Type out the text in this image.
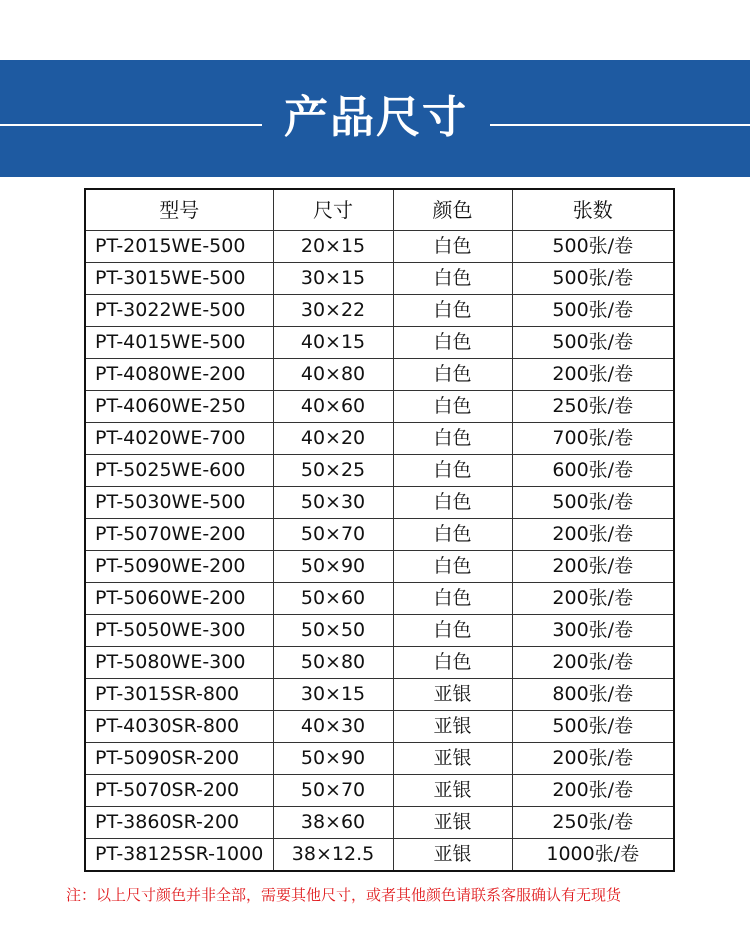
产品尺寸
型号	尺寸	颜色	张数
PT-2015WE-500	20×15	白色	500张/卷
PT-3015WE-500	30×15	白色	500张/卷
PT-3022WE-500	30×22	白色	500张/卷
PT-4015WE-500	40×15	白色	500张/卷
PT-4080WE-200	40×80	白色	200张/卷
PT-4060WE-250	40×60	白色	250张/卷
PT-4020WE-700	40×20	白色	700张/卷
PT-5025WE-600	50×25	白色	600张/卷
PT-5030WE-500	50×30	白色	500张/卷
PT-5070WE-200	50×70	白色	200张/卷
PT-5090WE-200	50×90	白色	200张/卷
PT-5060WE-200	50×60	白色	200张/卷
PT-5050WE-300	50×50	白色	300张/卷
PT-5080WE-300	50×80	白色	200张/卷
PT-3015SR-800	30×15	亚银	800张/卷
PT-4030SR-800	40×30	亚银	500张/卷
PT-5090SR-200	50×90	亚银	200张/卷
PT-5070SR-200	50×70	亚银	200张/卷
PT-3860SR-200	38×60	亚银	250张/卷
PT-38125SR-1000	38×12.5	亚银	1000张/卷
注：以上尺寸颜色并非全部，需要其他尺寸，或者其他颜色请联系客服确认有无现货
